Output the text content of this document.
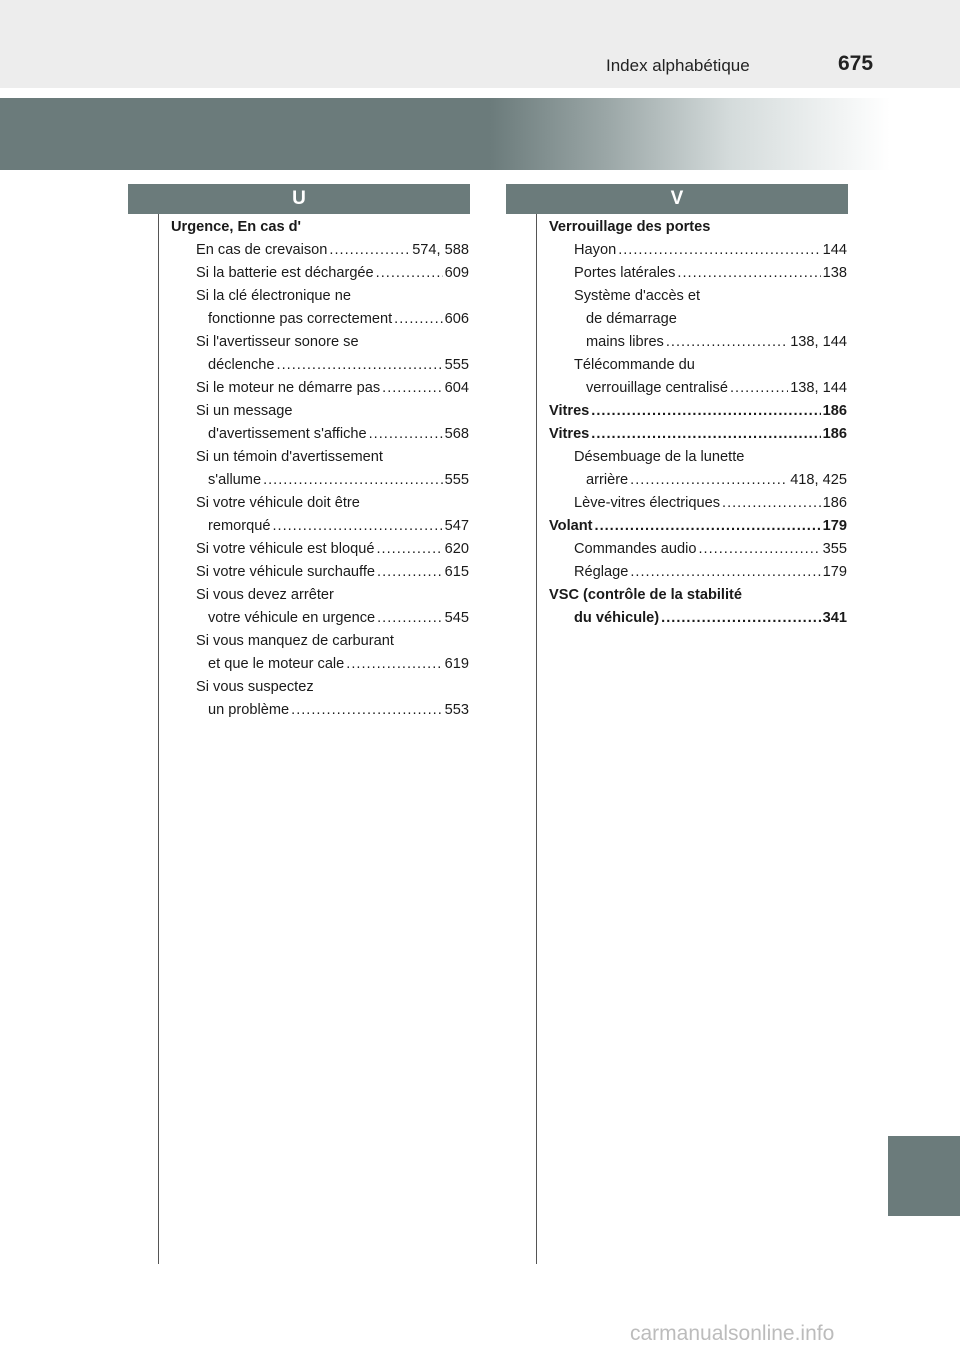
Index alphabétique	675
U	V
Urgence, En cas d'
En cas de crevaison .....	574, 588
Si la batterie est déchargée .....	609
Si la clé électronique ne
fonctionne pas correctement .....	606
Si l'avertisseur sonore se
déclenche .....	555
Si le moteur ne démarre pas .....	604
Si un message
d'avertissement s'affiche .....	568
Si un témoin d'avertissement
s'allume .....	555
Si votre véhicule doit être
remorqué .....	547
Si votre véhicule est bloqué .....	620
Si votre véhicule surchauffe .....	615
Si vous devez arrêter
votre véhicule en urgence .....	545
Si vous manquez de carburant
et que le moteur cale .....	619
Si vous suspectez
un problème .....	553
Verrouillage des portes
Hayon .....	144
Portes latérales .....	138
Système d'accès et
de démarrage
mains libres .....	138, 144
Télécommande du
verrouillage centralisé .....	138, 144
Vitres .....	186
Vitres .....	186
Désembuage de la lunette
arrière .....	418, 425
Lève-vitres électriques .....	186
Volant .....	179
Commandes audio .....	355
Réglage .....	179
VSC (contrôle de la stabilité
du véhicule) .....	341
carmanualsonline.info
